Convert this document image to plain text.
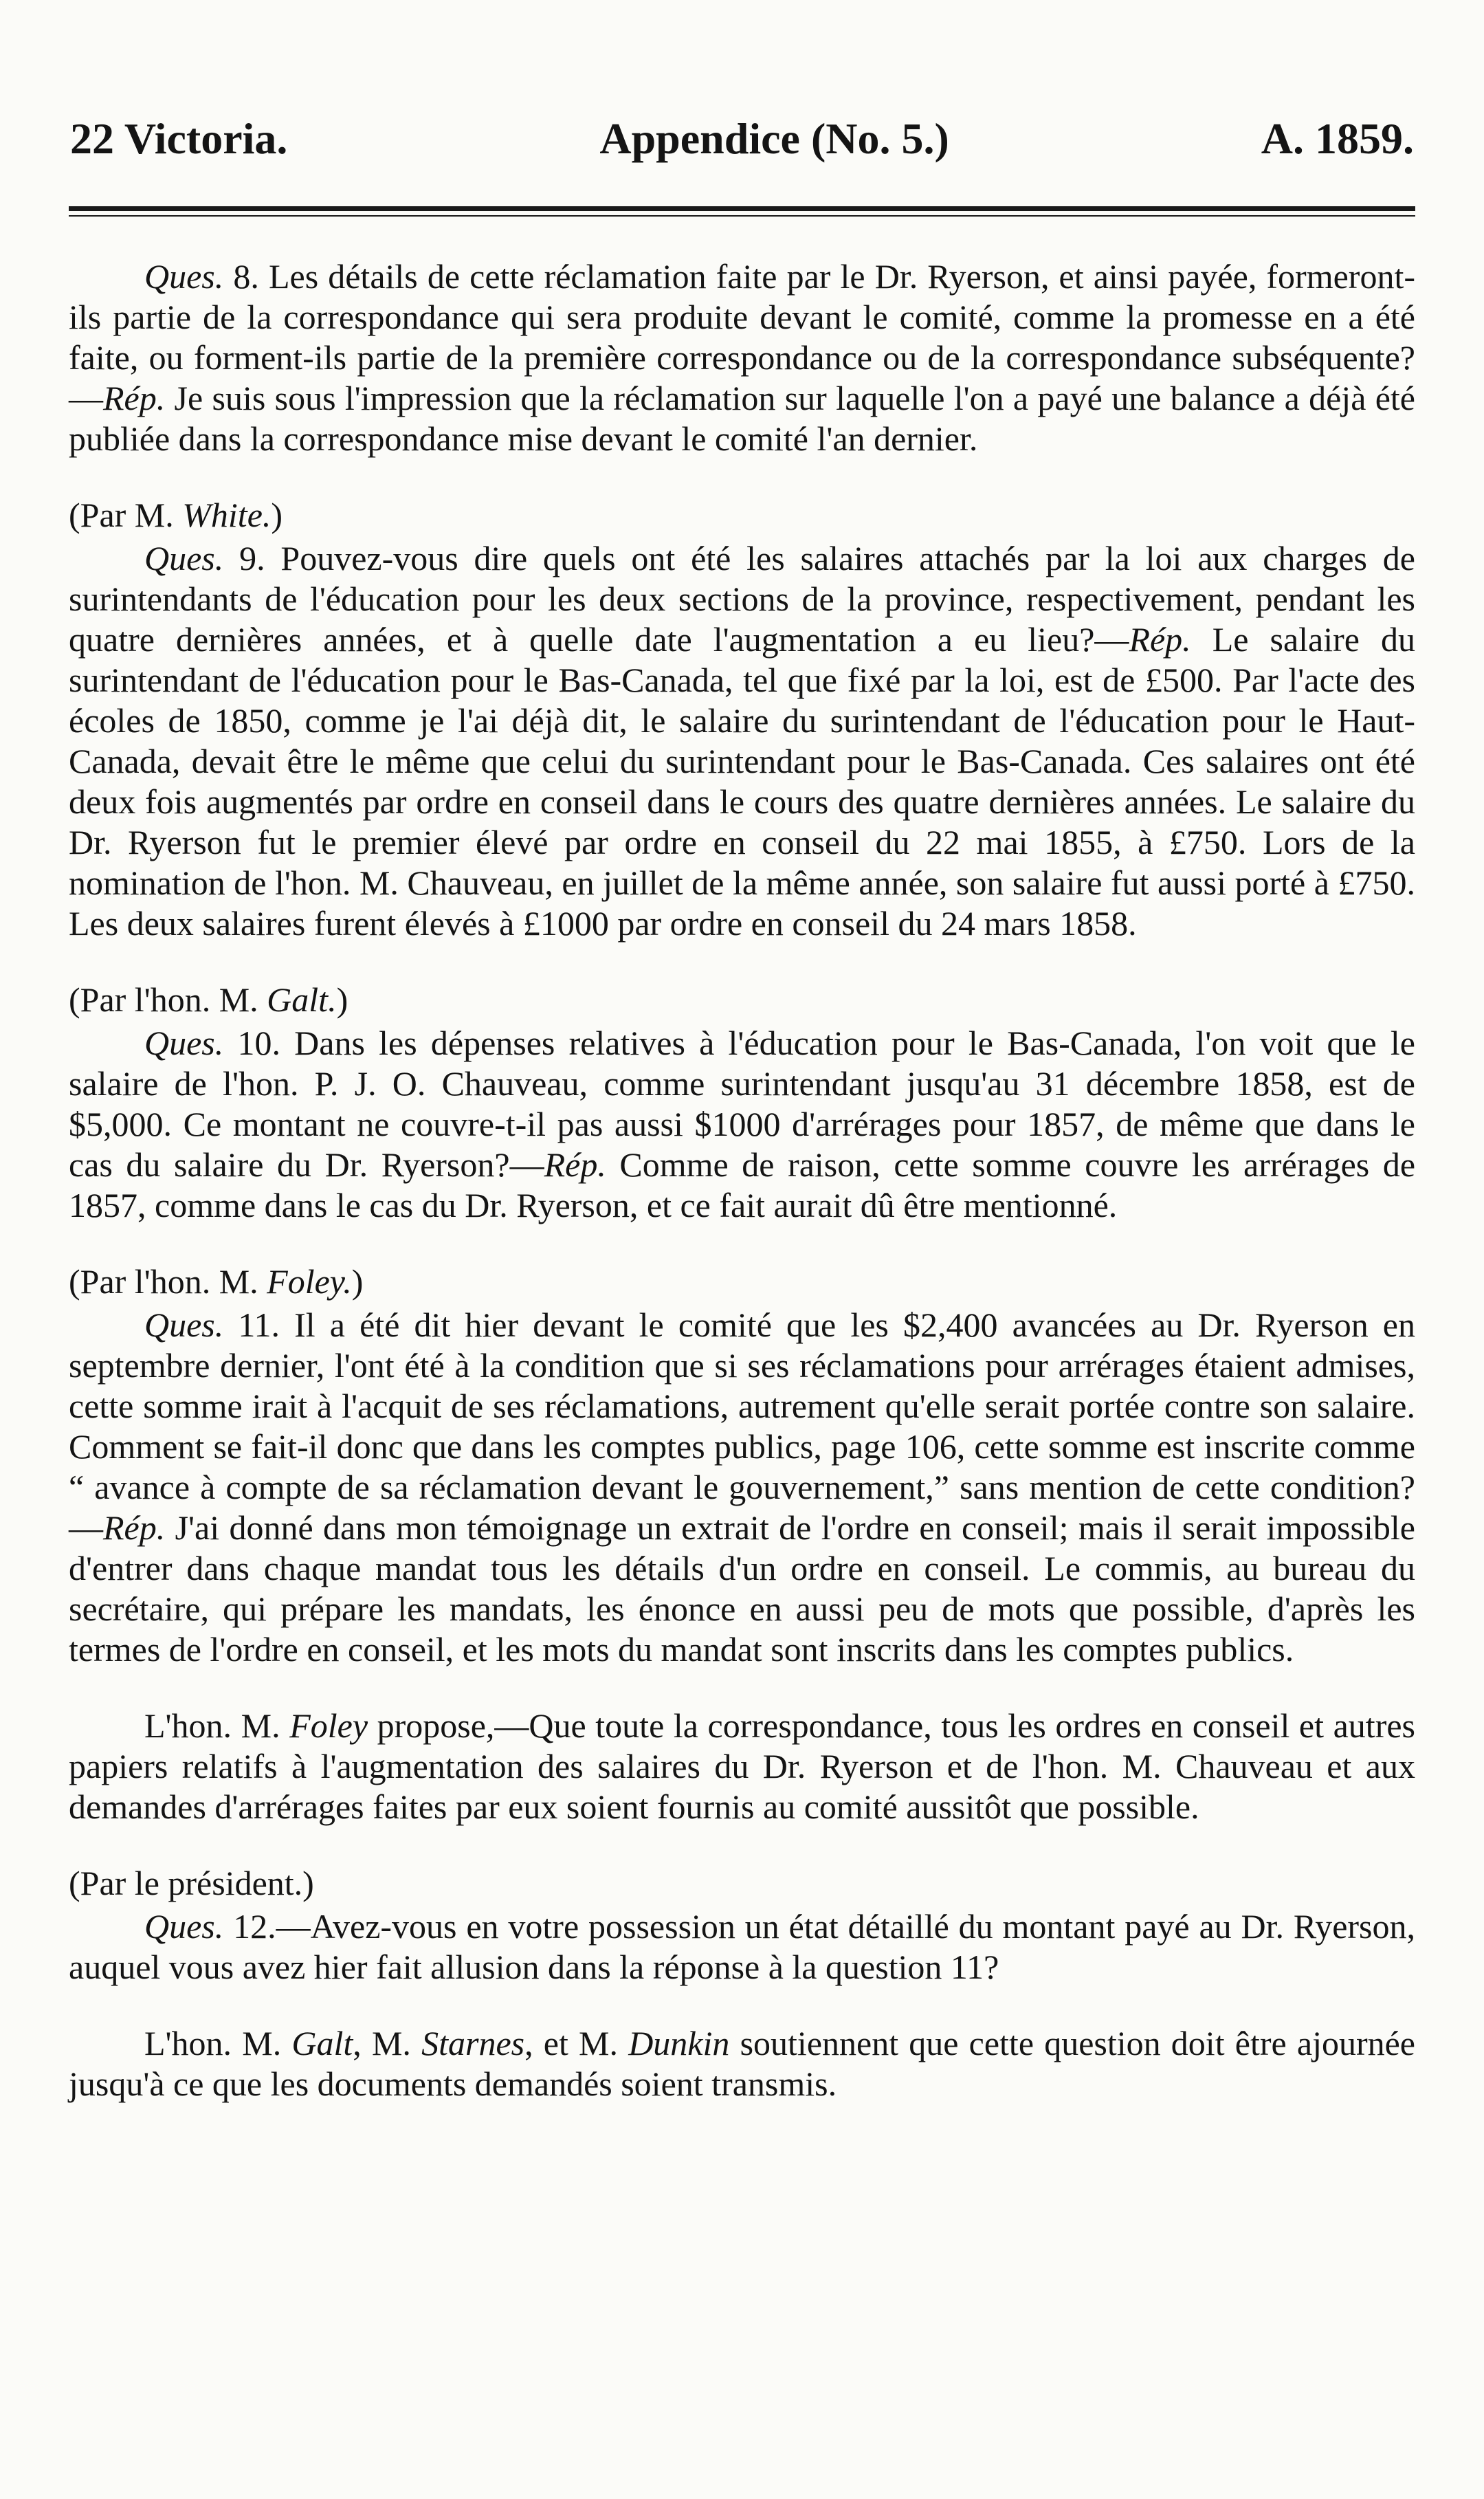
22 Victoria.	Appendice (No. 5.)	A. 1859.

Ques. 8. Les détails de cette réclamation faite par le Dr. Ryerson, et ainsi payée, formeront-ils partie de la correspondance qui sera produite devant le comité, comme la promesse en a été faite, ou forment-ils partie de la première correspondance ou de la correspondance subséquente?—Rép. Je suis sous l'impression que la réclamation sur laquelle l'on a payé une balance a déjà été publiée dans la correspondance mise devant le comité l'an dernier.

(Par M. White.)

Ques. 9. Pouvez-vous dire quels ont été les salaires attachés par la loi aux charges de surintendants de l'éducation pour les deux sections de la province, respectivement, pendant les quatre dernières années, et à quelle date l'augmentation a eu lieu?—Rép. Le salaire du surintendant de l'éducation pour le Bas-Canada, tel que fixé par la loi, est de £500. Par l'acte des écoles de 1850, comme je l'ai déjà dit, le salaire du surintendant de l'éducation pour le Haut-Canada, devait être le même que celui du surintendant pour le Bas-Canada. Ces salaires ont été deux fois augmentés par ordre en conseil dans le cours des quatre dernières années. Le salaire du Dr. Ryerson fut le premier élevé par ordre en conseil du 22 mai 1855, à £750. Lors de la nomination de l'hon. M. Chauveau, en juillet de la même année, son salaire fut aussi porté à £750. Les deux salaires furent élevés à £1000 par ordre en conseil du 24 mars 1858.

(Par l'hon. M. Galt.)

Ques. 10. Dans les dépenses relatives à l'éducation pour le Bas-Canada, l'on voit que le salaire de l'hon. P. J. O. Chauveau, comme surintendant jusqu'au 31 décembre 1858, est de $5,000. Ce montant ne couvre-t-il pas aussi $1000 d'arrérages pour 1857, de même que dans le cas du salaire du Dr. Ryerson?—Rép. Comme de raison, cette somme couvre les arrérages de 1857, comme dans le cas du Dr. Ryerson, et ce fait aurait dû être mentionné.

(Par l'hon. M. Foley.)

Ques. 11. Il a été dit hier devant le comité que les $2,400 avancées au Dr. Ryerson en septembre dernier, l'ont été à la condition que si ses réclamations pour arrérages étaient admises, cette somme irait à l'acquit de ses réclamations, autrement qu'elle serait portée contre son salaire. Comment se fait-il donc que dans les comptes publics, page 106, cette somme est inscrite comme “ avance à compte de sa réclamation devant le gouvernement,” sans mention de cette condition?—Rép. J'ai donné dans mon témoignage un extrait de l'ordre en conseil; mais il serait impossible d'entrer dans chaque mandat tous les détails d'un ordre en conseil. Le commis, au bureau du secrétaire, qui prépare les mandats, les énonce en aussi peu de mots que possible, d'après les termes de l'ordre en conseil, et les mots du mandat sont inscrits dans les comptes publics.

L'hon. M. Foley propose,—Que toute la correspondance, tous les ordres en conseil et autres papiers relatifs à l'augmentation des salaires du Dr. Ryerson et de l'hon. M. Chauveau et aux demandes d'arrérages faites par eux soient fournis au comité aussitôt que possible.

(Par le président.)

Ques. 12.—Avez-vous en votre possession un état détaillé du montant payé au Dr. Ryerson, auquel vous avez hier fait allusion dans la réponse à la question 11?

L'hon. M. Galt, M. Starnes, et M. Dunkin soutiennent que cette question doit être ajournée jusqu'à ce que les documents demandés soient transmis.
